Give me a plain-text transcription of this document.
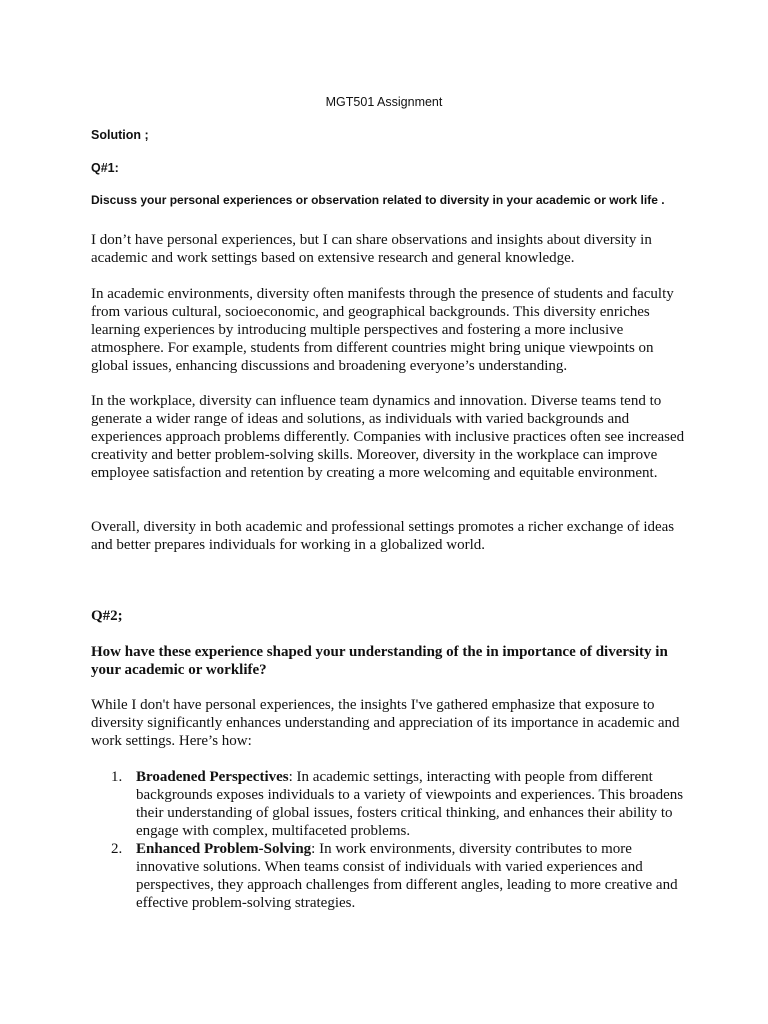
MGT501 Assignment
Solution ;
Q#1:
Discuss your personal experiences or observation related to diversity in your academic or work life .

I don’t have personal experiences, but I can share observations and insights about diversity in academic and work settings based on extensive research and general knowledge.

In academic environments, diversity often manifests through the presence of students and faculty from various cultural, socioeconomic, and geographical backgrounds. This diversity enriches learning experiences by introducing multiple perspectives and fostering a more inclusive atmosphere. For example, students from different countries might bring unique viewpoints on global issues, enhancing discussions and broadening everyone’s understanding.

In the workplace, diversity can influence team dynamics and innovation. Diverse teams tend to generate a wider range of ideas and solutions, as individuals with varied backgrounds and experiences approach problems differently. Companies with inclusive practices often see increased creativity and better problem-solving skills. Moreover, diversity in the workplace can improve employee satisfaction and retention by creating a more welcoming and equitable environment.

Overall, diversity in both academic and professional settings promotes a richer exchange of ideas and better prepares individuals for working in a globalized world.

Q#2;
How have these experience shaped your understanding of the in importance of diversity in your academic or worklife?

While I don't have personal experiences, the insights I've gathered emphasize that exposure to diversity significantly enhances understanding and appreciation of its importance in academic and work settings. Here’s how:

1. Broadened Perspectives: In academic settings, interacting with people from different backgrounds exposes individuals to a variety of viewpoints and experiences. This broadens their understanding of global issues, fosters critical thinking, and enhances their ability to engage with complex, multifaceted problems.
2. Enhanced Problem-Solving: In work environments, diversity contributes to more innovative solutions. When teams consist of individuals with varied experiences and perspectives, they approach challenges from different angles, leading to more creative and effective problem-solving strategies.
